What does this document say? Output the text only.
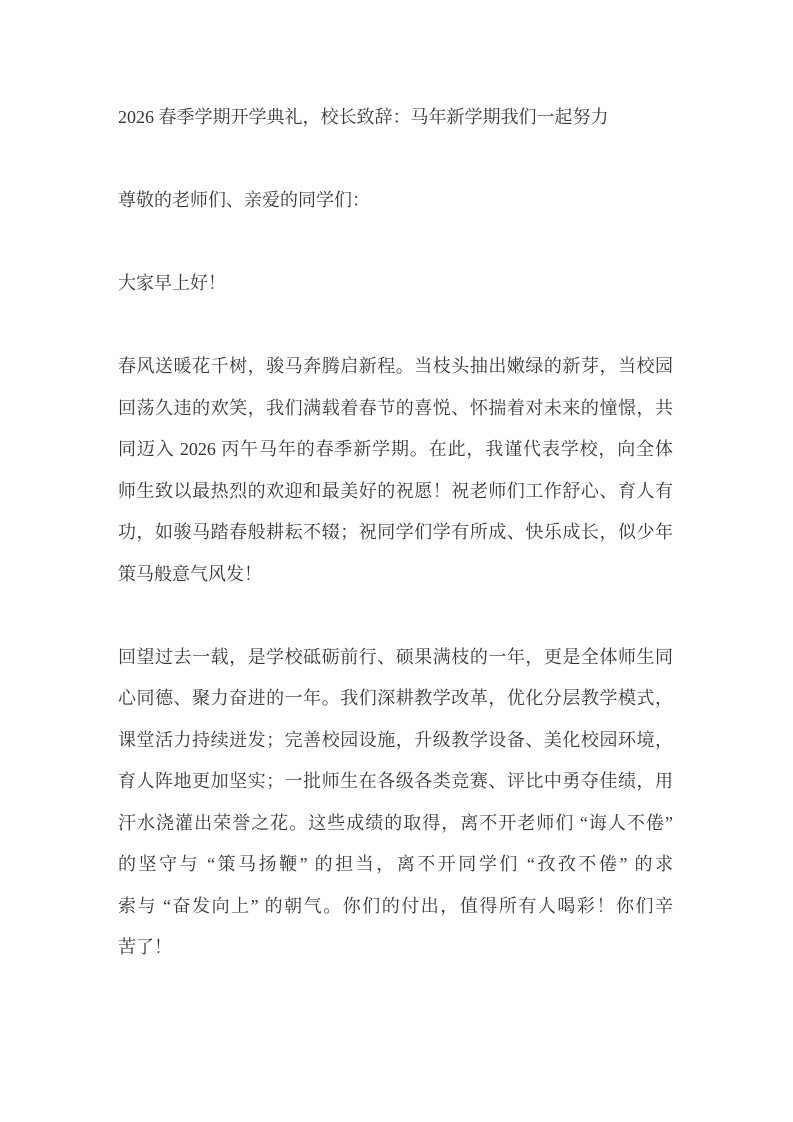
2026 春季学期开学典礼，校长致辞：马年新学期我们一起努力
尊敬的老师们、亲爱的同学们：
大家早上好！
春风送暖花千树，骏马奔腾启新程。当枝头抽出嫩绿的新芽，当校园
回荡久违的欢笑，我们满载着春节的喜悦、怀揣着对未来的憧憬，共
同迈入 2026 丙午马年的春季新学期。在此，我谨代表学校，向全体
师生致以最热烈的欢迎和最美好的祝愿！祝老师们工作舒心、育人有
功，如骏马踏春般耕耘不辍；祝同学们学有所成、快乐成长，似少年
策马般意气风发！
回望过去一载，是学校砥砺前行、硕果满枝的一年，更是全体师生同
心同德、聚力奋进的一年。我们深耕教学改革，优化分层教学模式，
课堂活力持续迸发；完善校园设施，升级教学设备、美化校园环境，
育人阵地更加坚实；一批师生在各级各类竞赛、评比中勇夺佳绩，用
汗水浇灌出荣誉之花。这些成绩的取得，离不开老师们 “诲人不倦”
的坚守与 “策马扬鞭” 的担当，离不开同学们 “孜孜不倦” 的求
索与 “奋发向上” 的朝气。你们的付出，值得所有人喝彩！你们辛
苦了！
